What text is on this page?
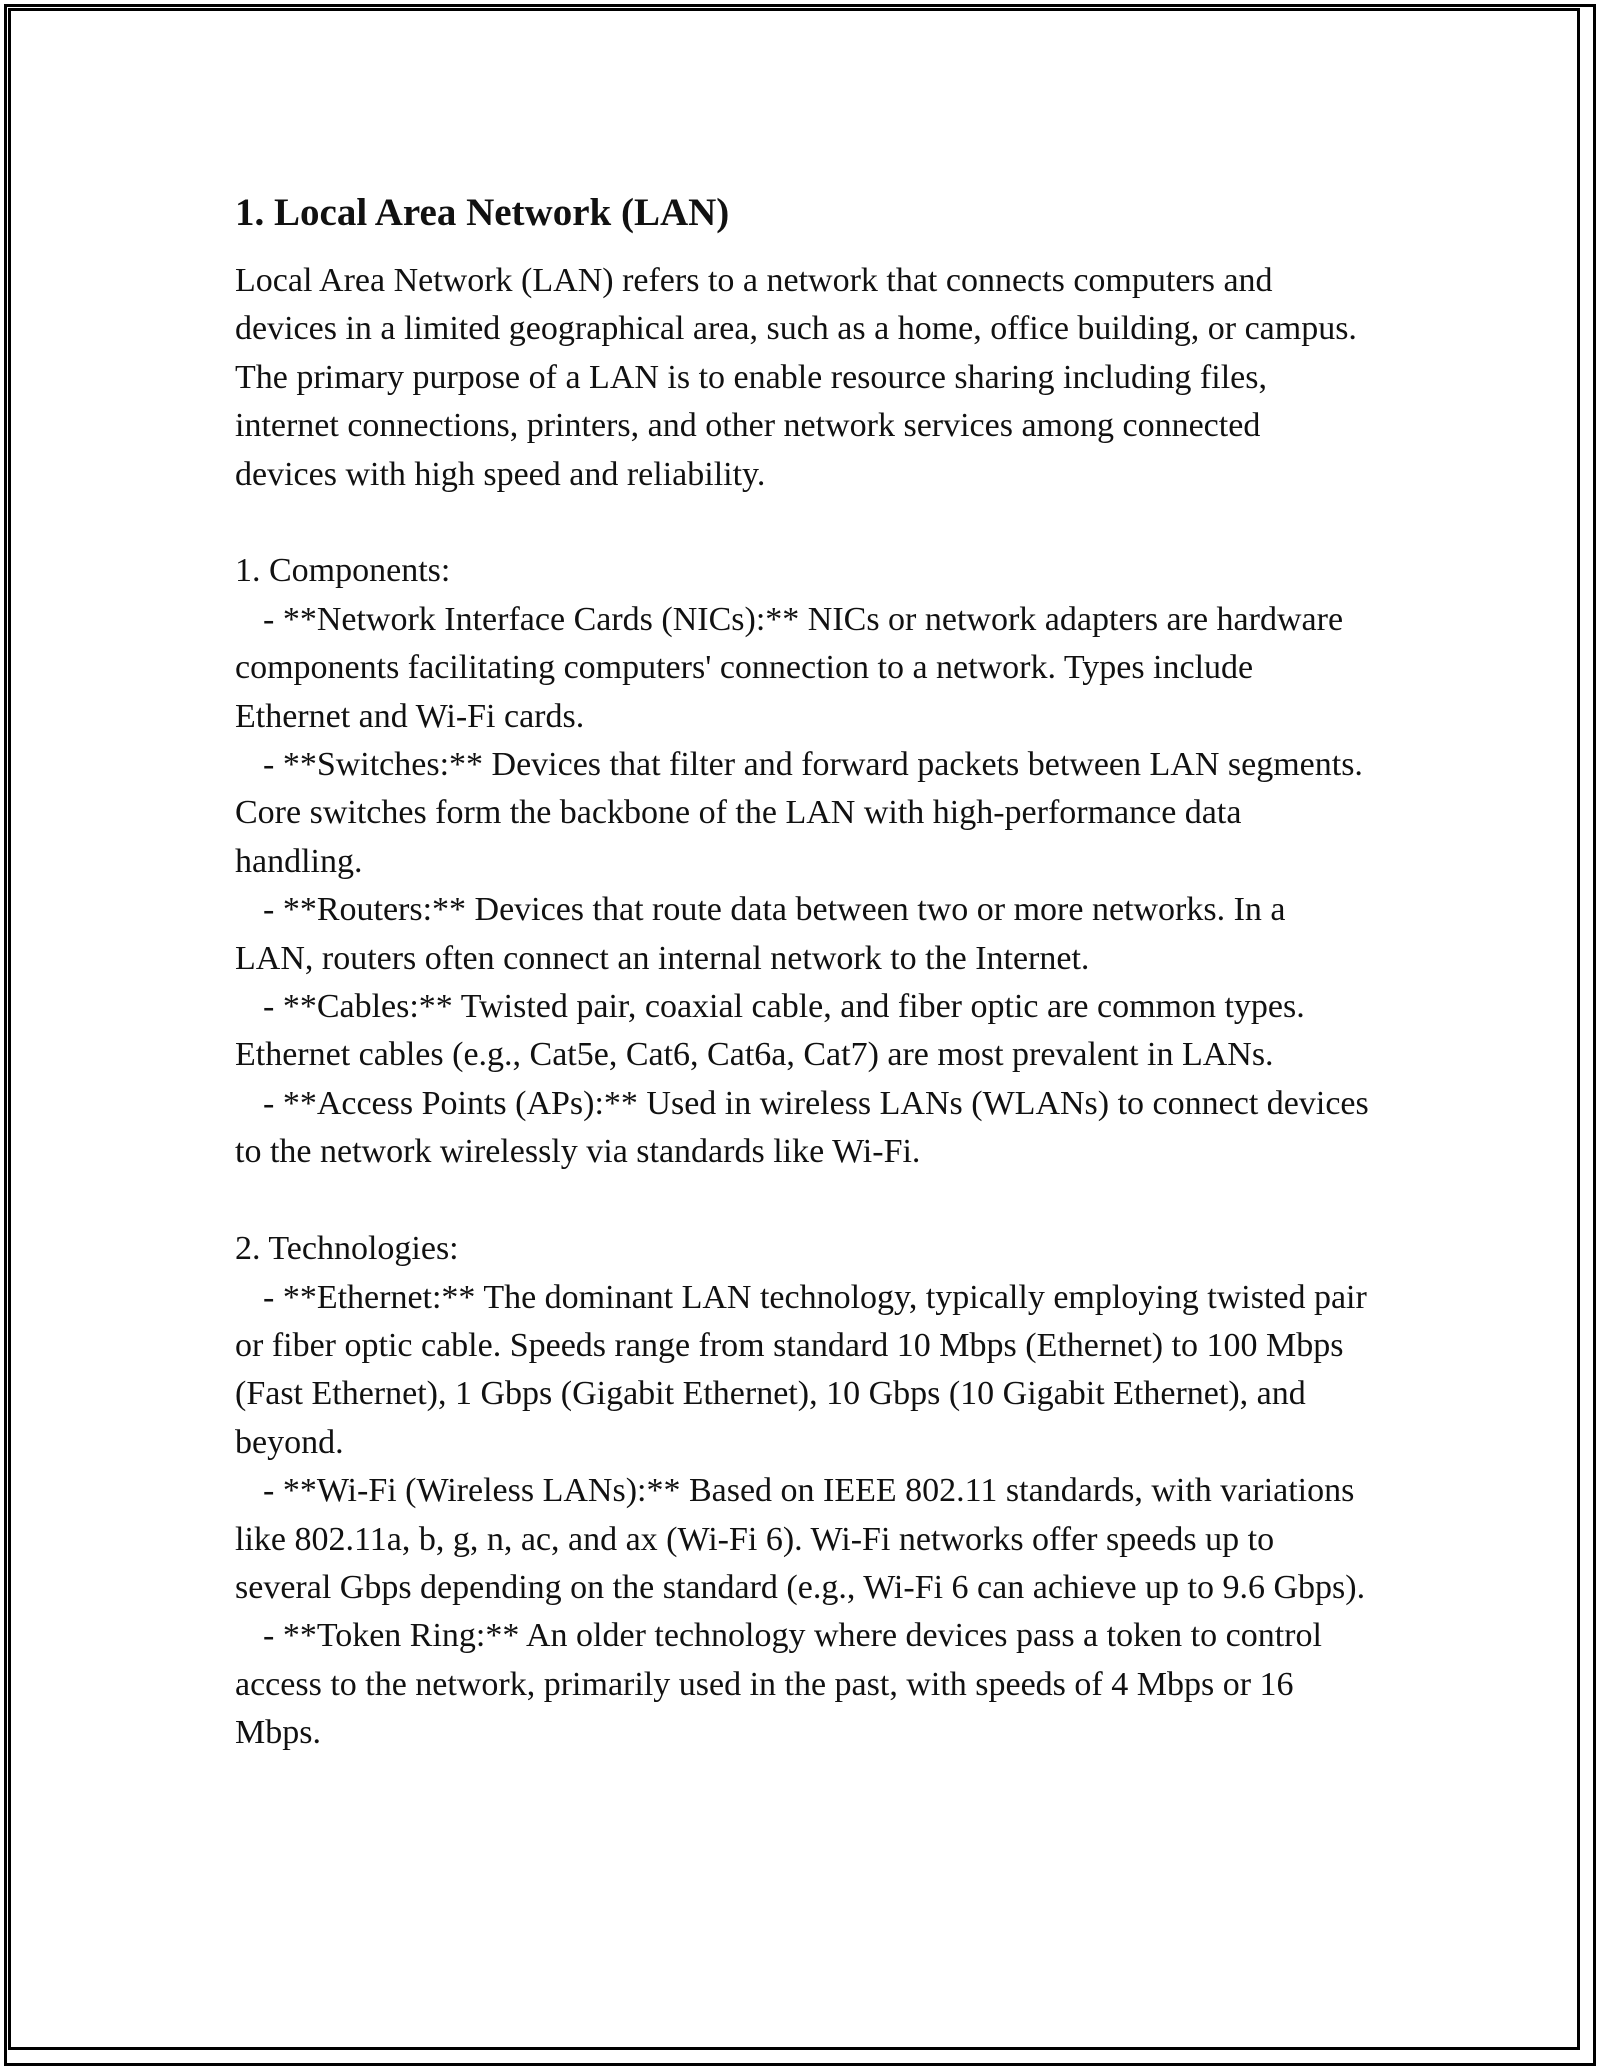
1. Local Area Network (LAN)

Local Area Network (LAN) refers to a network that connects computers and devices in a limited geographical area, such as a home, office building, or campus. The primary purpose of a LAN is to enable resource sharing including files, internet connections, printers, and other network services among connected devices with high speed and reliability.

1. Components:

- **Network Interface Cards (NICs):** NICs or network adapters are hardware components facilitating computers' connection to a network. Types include Ethernet and Wi-Fi cards.

- **Switches:** Devices that filter and forward packets between LAN segments. Core switches form the backbone of the LAN with high-performance data handling.

- **Routers:** Devices that route data between two or more networks. In a LAN, routers often connect an internal network to the Internet.

- **Cables:** Twisted pair, coaxial cable, and fiber optic are common types. Ethernet cables (e.g., Cat5e, Cat6, Cat6a, Cat7) are most prevalent in LANs.

- **Access Points (APs):** Used in wireless LANs (WLANs) to connect devices to the network wirelessly via standards like Wi-Fi.

2. Technologies:

- **Ethernet:** The dominant LAN technology, typically employing twisted pair or fiber optic cable. Speeds range from standard 10 Mbps (Ethernet) to 100 Mbps (Fast Ethernet), 1 Gbps (Gigabit Ethernet), 10 Gbps (10 Gigabit Ethernet), and beyond.

- **Wi-Fi (Wireless LANs):** Based on IEEE 802.11 standards, with variations like 802.11a, b, g, n, ac, and ax (Wi-Fi 6). Wi-Fi networks offer speeds up to several Gbps depending on the standard (e.g., Wi-Fi 6 can achieve up to 9.6 Gbps).

- **Token Ring:** An older technology where devices pass a token to control access to the network, primarily used in the past, with speeds of 4 Mbps or 16 Mbps.
